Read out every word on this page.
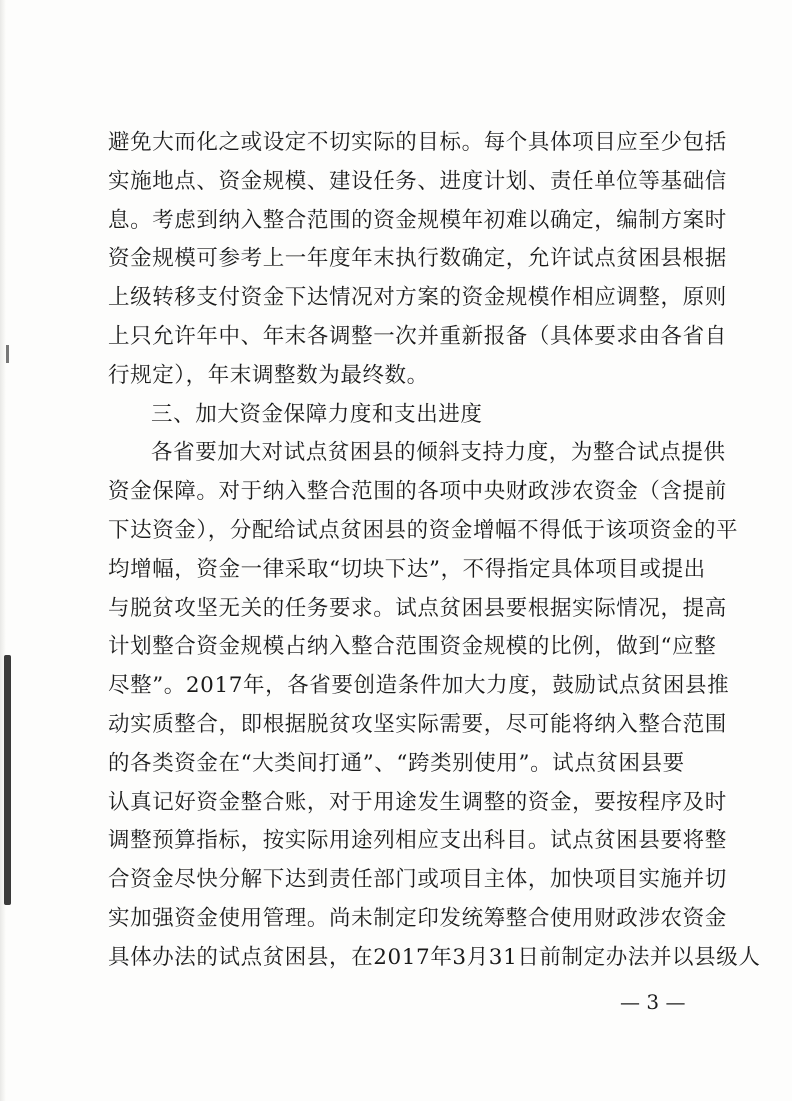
避免大而化之或设定不切实际的目标。每个具体项目应至少包括
实施地点、资金规模、建设任务、进度计划、责任单位等基础信
息。考虑到纳入整合范围的资金规模年初难以确定，编制方案时
资金规模可参考上一年度年末执行数确定，允许试点贫困县根据
上级转移支付资金下达情况对方案的资金规模作相应调整，原则
上只允许年中、年末各调整一次并重新报备（具体要求由各省自
行规定），年末调整数为最终数。
三、加大资金保障力度和支出进度
各省要加大对试点贫困县的倾斜支持力度，为整合试点提供
资金保障。对于纳入整合范围的各项中央财政涉农资金（含提前
下达资金），分配给试点贫困县的资金增幅不得低于该项资金的平
均增幅，资金一律采取“切块下达”，不得指定具体项目或提出
与脱贫攻坚无关的任务要求。试点贫困县要根据实际情况，提高
计划整合资金规模占纳入整合范围资金规模的比例，做到“应整
尽整”。2017年，各省要创造条件加大力度，鼓励试点贫困县推
动实质整合，即根据脱贫攻坚实际需要，尽可能将纳入整合范围
的各类资金在“大类间打通”、“跨类别使用”。试点贫困县要
认真记好资金整合账，对于用途发生调整的资金，要按程序及时
调整预算指标，按实际用途列相应支出科目。试点贫困县要将整
合资金尽快分解下达到责任部门或项目主体，加快项目实施并切
实加强资金使用管理。尚未制定印发统筹整合使用财政涉农资金
具体办法的试点贫困县，在2017年3月31日前制定办法并以县级人
— 3 —
